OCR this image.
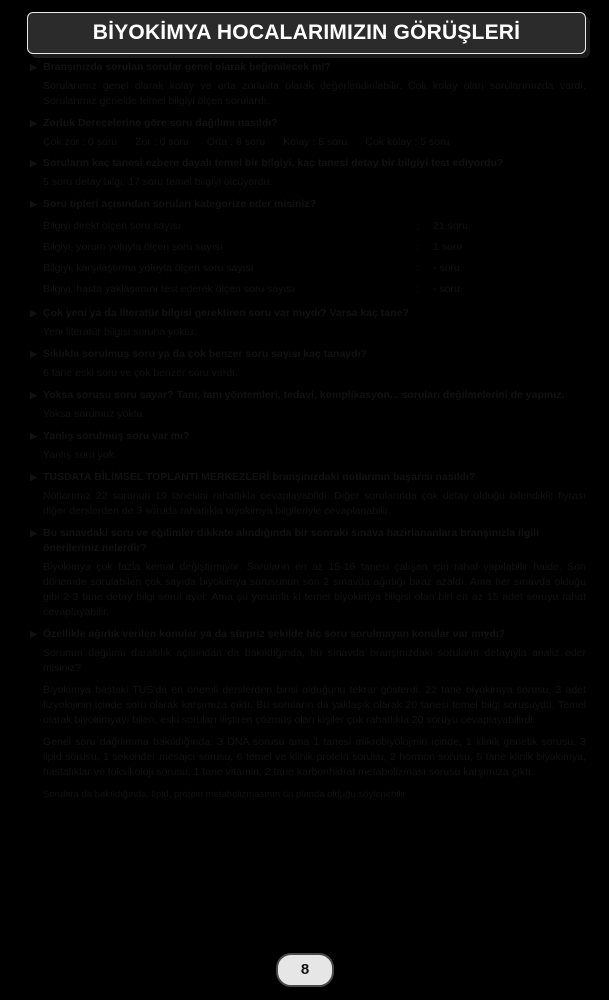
BİYOKİMYA HOCALARIMIZIN GÖRÜŞLERİ
▶ Branşınızda sorulan sorular genel olarak beğenilecek mi?
Sorularımız genel olarak kolay ve orta zorlukta olarak değerlendirilebilir. Çok kolay olan sorularımızda vardı. Sorularımız genelde temel bilgiyi ölçen sorulardı.
▶ Zorluk Derecelerine göre soru dağılımı nasıldı?
Çok zor : 0 soru Zor : 0 soru Orta : 8 soru Kolay : 8 soru Çok kolay : 5 soru
▶ Soruların kaç tanesi ezbere dayalı temel bir bilgiyi, kaç tanesi detay bir bilgiyi test ediyordu?
5 soru detay bilgi, 17 soru temel bilgiyi ölçüyordu.
▶ Soru tipleri açısından soruları kategorize eder misiniz?
Bilgiyi direkt ölçen soru sayısı	:	21 soru
Bilgiyi, yorum yoluyla ölçen soru sayısı	:	1 soru
Bilgiyi, karşılaştırma yoluyla ölçen soru sayısı	:	- soru
Bilgiyi, hasta yaklaşımını test ederek ölçen soru sayısı	:	- soru
▶ Çok yeni ya da literatür bilgisi gerektiren soru var mıydı? Varsa kaç tane?
Yeni literatür bilgisi soruna yoktu.
▶ Sıklıkla sorulmuş soru ya da çok benzer soru sayısı kaç tanaydı?
6 tane eski soru ve çok benzer soru vardı.
▶ Yoksa sorusu soru sayar? Tanı, tanı yöntemleri, tedavi, komplikasyon... soruları değilmelerini de yapınız.
Yoksa sorumuz yoktu.
▶ Yanlış sorulmuş soru var mı?
Yanlış soru yok.
▶ TUSDATA BİLİMSEL TOPLANTI MERKEZLERİ branşınızdaki notlarının başarısı nasıldı?
Notlarımız 22 sorunun 19 tanesini rahatlıkla cevaplayabildi. Diğer sorularında çok detay olduğu bilendikli; fiyrası diğer derslerden de 3 soruda rahatlıkla biyokimya bilgileriyle cevaplanabilir.
▶ Bu sınavdaki soru ve eğilimler dikkate alındığında bir sonraki sınava hazırlananlara branşınızla ilgili önerileriniz nelerdir?
Biyokimya çok fazla kemat değiştirmiyor. Soruların en az 15-16 tanesi çalışan için rahat yapılabilir halde. Son dönemde sorulabilen çok sayıda biyokimya sorusunun son 2 sınavda ağırlığı biraz azaldı. Ama her sınavda olduğu gibi 2-3 tane detay bilgi sorul ayor. Ama şu yorumla ki temel biyokimya bilgisi olan biri en az 15 adet soruyu rahat cevaplayabilir.
▶ Özellikle ağırlık verilen konular ya da sürpriz şekilde hiç soru sorulmayan konular var mıydı?
Sorunun dağılımı daraltılık açısından da bakıldığında, bu sınavda branşınızdaki soruların detayıyla analiz eder misiniz?
Biyokimya baştaki TUS'da en önemli derslerden birisi olduğunu tekrar gösterdi. 22 tane biyokimya sorusu, 3 adet fizyolojinin içinde soru olarak karşımıza çıktı. Bu soruların da yaklaşık olarak 20 tanesi temel bilgi sorusuydu. Temel olarak biyokimyayı bilen, eski soruları iliştiren çözmüş olan kişiler çok rahatlıkla 20 soruyu cevaplayabilirdi.
Genel soru dağılımına bakıldığında, 3 DNA sorusu ama 1 tanesi mikrobiyolojinin içinde, 1 klinik genetik sorusu, 3 lipid sorusu, 1 sekonder mesajcı sorusu, 6 temel ve klinik protein sorusu, 2 hormon sorusu, 5 tane klinik biyokimya, hastalıklar ve toksikoloji sorusu, 1 tane vitamin, 2 tane karbonhidrat metabolizması sorusu karşımıza çıktı.
Sorulara da bakıldığında, lipid, protein metabolizmasının ön planda olduğu söylenebilir.
8
